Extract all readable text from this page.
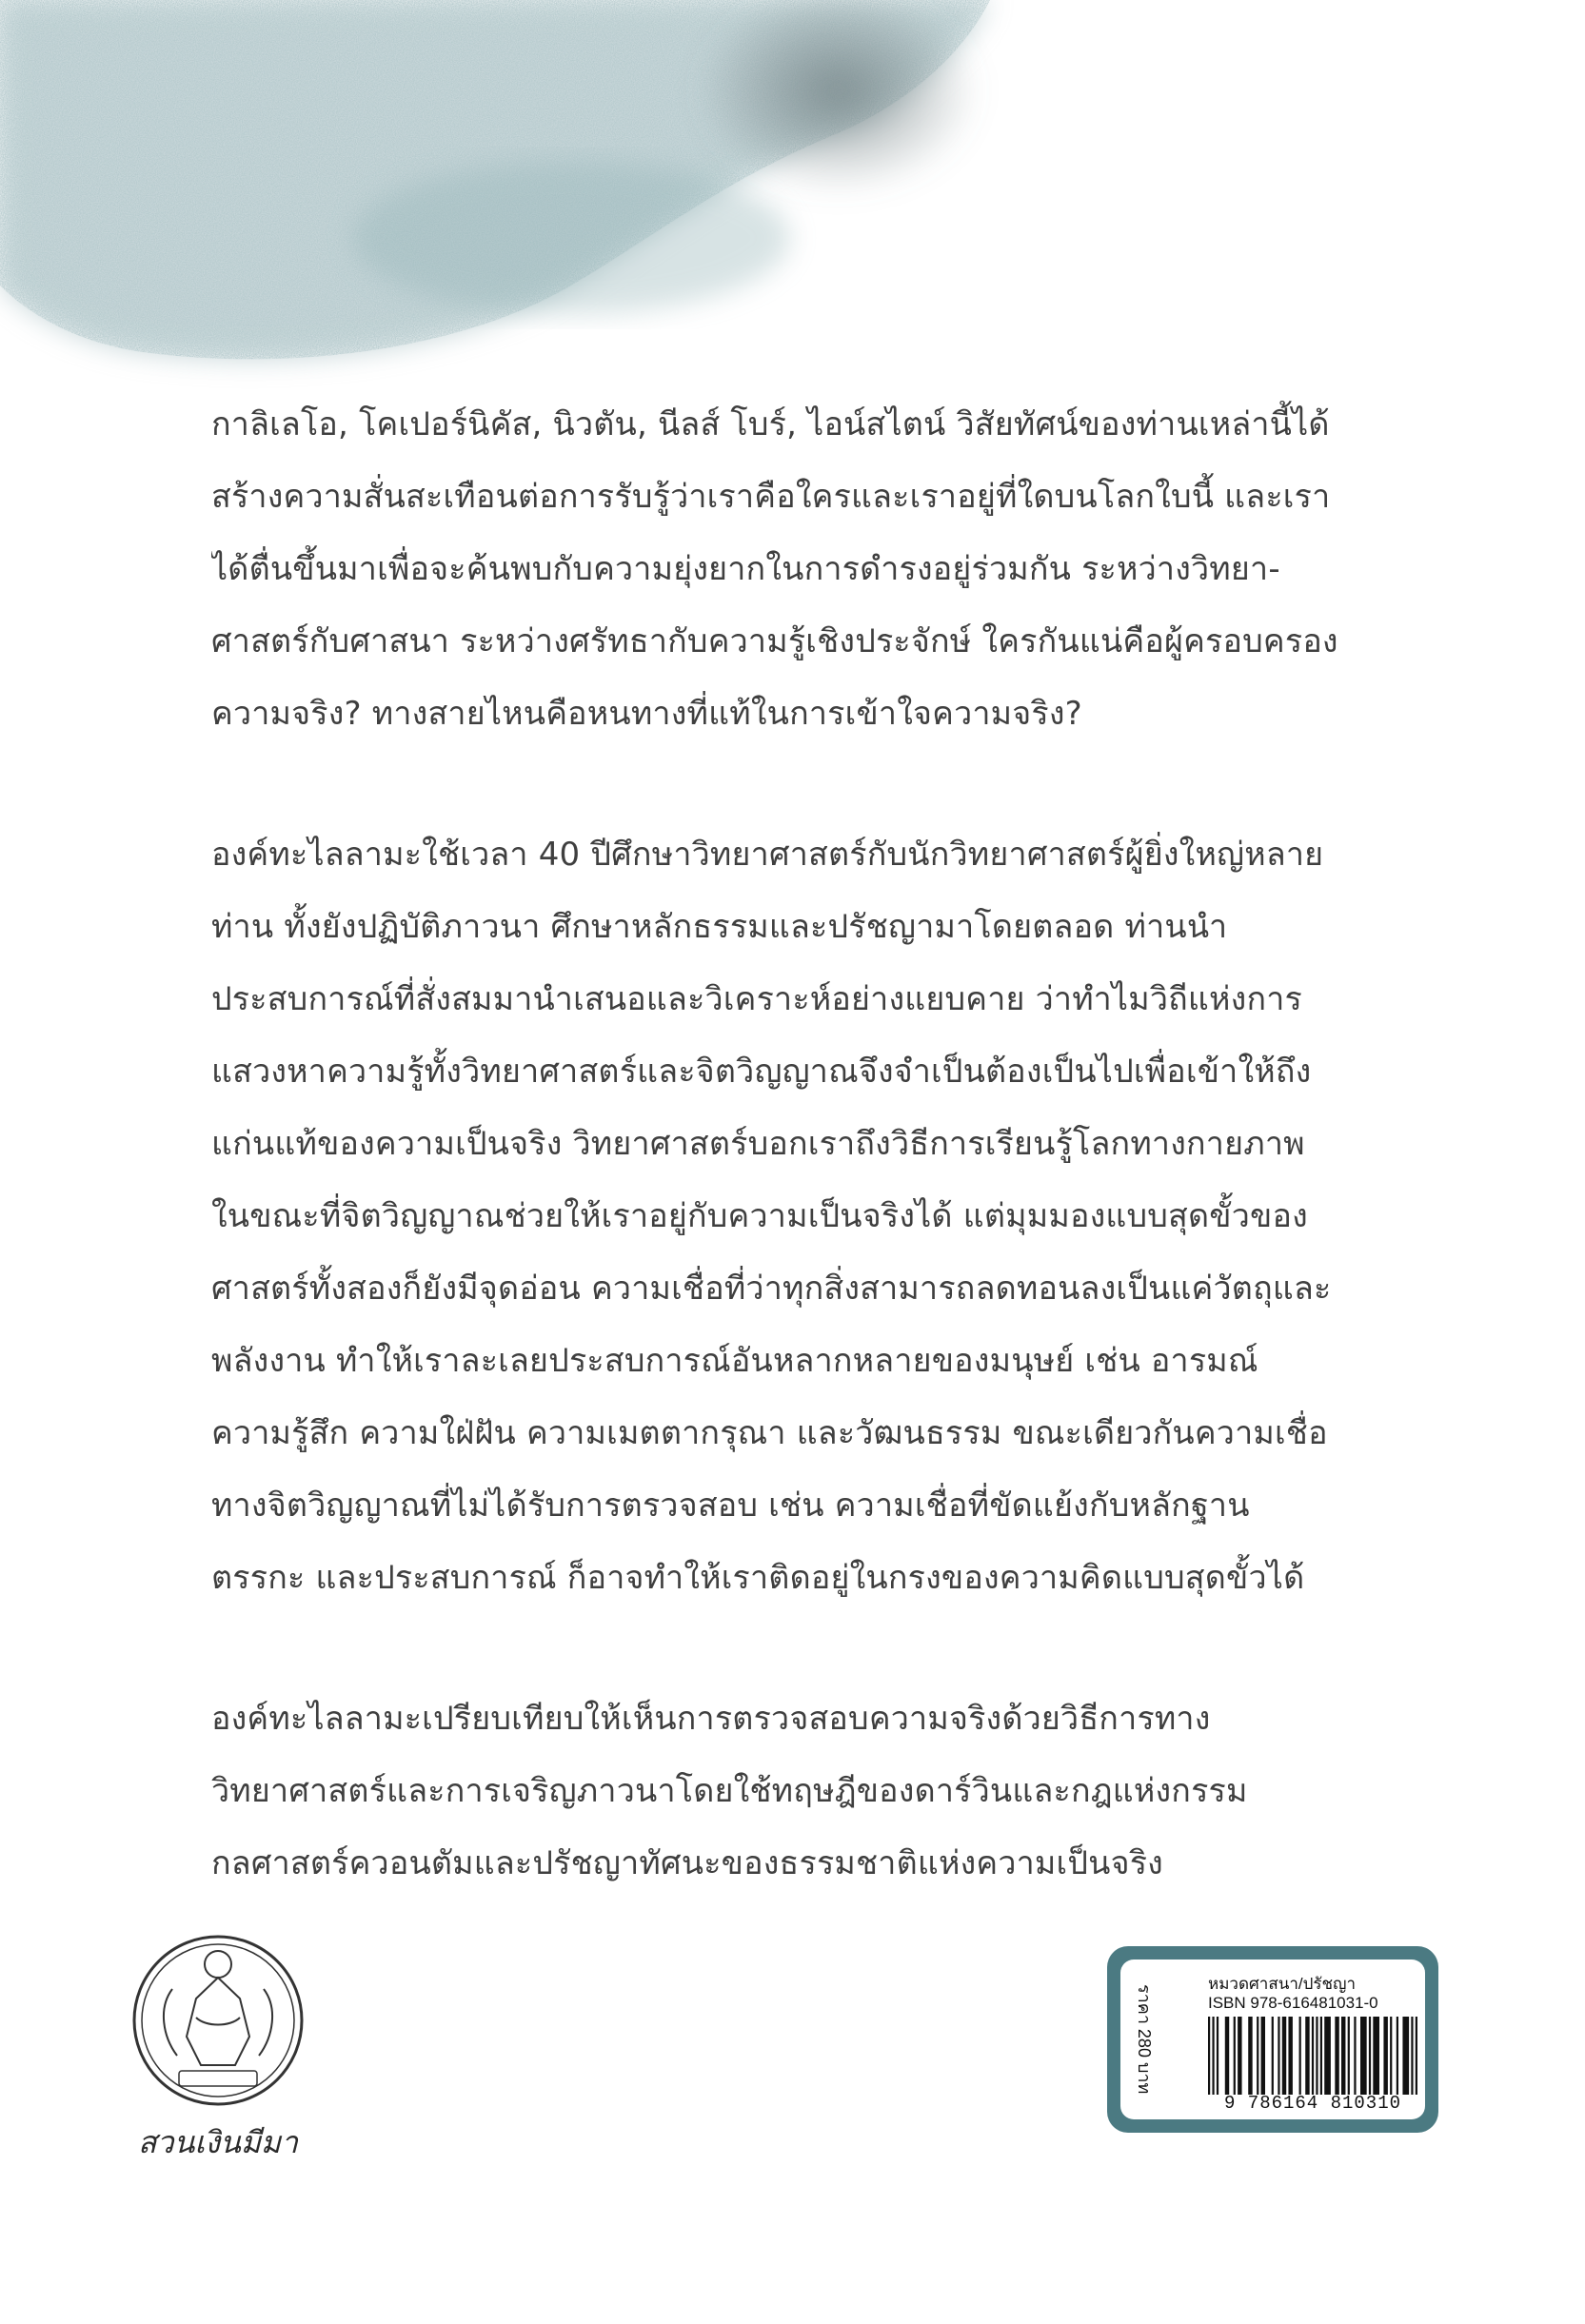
กาลิเลโอ, โคเปอร์นิคัส, นิวตัน, นีลส์ โบร์, ไอน์สไตน์ วิสัยทัศน์ของท่านเหล่านี้ได้
สร้างความสั่นสะเทือนต่อการรับรู้ว่าเราคือใครและเราอยู่ที่ใดบนโลกใบนี้ และเรา
ได้ตื่นขึ้นมาเพื่อจะค้นพบกับความยุ่งยากในการดำรงอยู่ร่วมกัน ระหว่างวิทยา-
ศาสตร์กับศาสนา ระหว่างศรัทธากับความรู้เชิงประจักษ์ ใครกันแน่คือผู้ครอบครอง
ความจริง? ทางสายไหนคือหนทางที่แท้ในการเข้าใจความจริง?
องค์ทะไลลามะใช้เวลา 40 ปีศึกษาวิทยาศาสตร์กับนักวิทยาศาสตร์ผู้ยิ่งใหญ่หลาย
ท่าน ทั้งยังปฏิบัติภาวนา ศึกษาหลักธรรมและปรัชญามาโดยตลอด ท่านนำ
ประสบการณ์ที่สั่งสมมานำเสนอและวิเคราะห์อย่างแยบคาย ว่าทำไมวิถีแห่งการ
แสวงหาความรู้ทั้งวิทยาศาสตร์และจิตวิญญาณจึงจำเป็นต้องเป็นไปเพื่อเข้าให้ถึง
แก่นแท้ของความเป็นจริง วิทยาศาสตร์บอกเราถึงวิธีการเรียนรู้โลกทางกายภาพ
ในขณะที่จิตวิญญาณช่วยให้เราอยู่กับความเป็นจริงได้ แต่มุมมองแบบสุดขั้วของ
ศาสตร์ทั้งสองก็ยังมีจุดอ่อน ความเชื่อที่ว่าทุกสิ่งสามารถลดทอนลงเป็นแค่วัตถุและ
พลังงาน ทำให้เราละเลยประสบการณ์อันหลากหลายของมนุษย์ เช่น อารมณ์
ความรู้สึก ความใฝ่ฝัน ความเมตตากรุณา และวัฒนธรรม ขณะเดียวกันความเชื่อ
ทางจิตวิญญาณที่ไม่ได้รับการตรวจสอบ เช่น ความเชื่อที่ขัดแย้งกับหลักฐาน
ตรรกะ และประสบการณ์ ก็อาจทำให้เราติดอยู่ในกรงของความคิดแบบสุดขั้วได้
องค์ทะไลลามะเปรียบเทียบให้เห็นการตรวจสอบความจริงด้วยวิธีการทาง
วิทยาศาสตร์และการเจริญภาวนาโดยใช้ทฤษฎีของดาร์วินและกฎแห่งกรรม
กลศาสตร์ควอนตัมและปรัชญาทัศนะของธรรมชาติแห่งความเป็นจริง
สวนเงินมีมา
ราคา 280 บาท
หมวดศาสนา/ปรัชญา
ISBN 978-616481031-0
9 786164 810310
